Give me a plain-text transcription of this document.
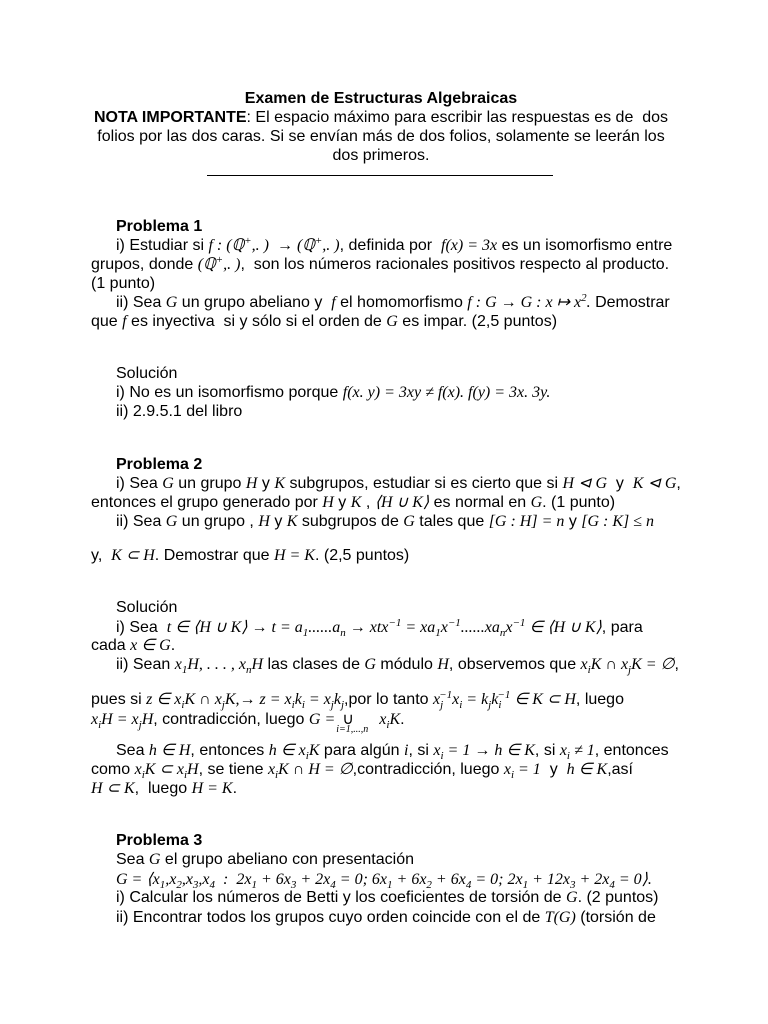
Examen de Estructuras Algebraicas
NOTA IMPORTANTE: El espacio máximo para escribir las respuestas es de  dos
folios por las dos caras. Si se envían más de dos folios, solamente se leerán los
dos primeros.
Problema 1
i) Estudiar si f : (ℚ+,. )  → (ℚ+,. ), definida por  f(x) = 3x es un isomorfismo entre
grupos, donde (ℚ+,. ),  son los números racionales positivos respecto al producto.
(1 punto)
ii) Sea G un grupo abeliano y  f el homomorfismo f : G → G : x ↦ $x^2$. Demostrar
que f es inyectiva  si y sólo si el orden de G es impar. (2,5 puntos)
Solución
i) No es un isomorfismo porque f(x. y) = 3xy ≠ f(x). f(y) = 3x. 3y.
ii) 2.9.5.1 del libro
Problema 2
i) Sea G un grupo H y K subgrupos, estudiar si es cierto que si H ⊲ G  y  K ⊲ G,
entonces el grupo generado por H y K , ⟨H ∪ K⟩ es normal en G. (1 punto)
ii) Sea G un grupo , H y K subgrupos de G tales que [G : H] = n y [G : K] ≤ n
y,  K ⊂ H. Demostrar que H = K. (2,5 puntos)
Solución
i) Sea  t ∈ ⟨H ∪ K⟩ → $t = a_1......a_n \to xtx^{-1} = xa_1x^{-1}......xa_nx^{-1}$ ∈ ⟨H ∪ K⟩, para
cada x ∈ G.
ii) Sean $x_1H$, . . . , $x_nH$ las clases de G módulo H, observemos que $x_iK$ ∩ $x_jK$ = ∅,
pues si z ∈ $x_iK$ ∩ $x_jK,\to z = x_ik_i = x_jk_j,por$ lo tanto $x_j^{-1}x_i = k_jk_i^{-1}$ ∈ K ⊂ H, luego
$x_iH = x_jH$, contradicción, luego G = ∪
i=1,...,n
$x_iK$.
Sea h ∈ H, entonces h ∈ $x_iK$ para algún i, si $x_i = 1 \to h$ ∈ K, si $x_i \ne 1$, entonces
como $x_iK$ ⊂ $x_iH$, se tiene $x_iK$ ∩ H = ∅,contradicción, luego $x_i = 1$  y  h ∈ K,así
H ⊂ K,  luego H = K.
Problema 3
Sea G el grupo abeliano con presentación
$G = ⟨x_1,x_2,x_3,x_4$  :  $2x_1 + 6x_3 + 2x_4 = 0$; $6x_1 + 6x_2 + 6x_4 = 0$; $2x_1 + 12x_3 + 2x_4$ = 0⟩.
i) Calcular los números de Betti y los coeficientes de torsión de G. (2 puntos)
ii) Encontrar todos los grupos cuyo orden coincide con el de T(G) (torsión de
